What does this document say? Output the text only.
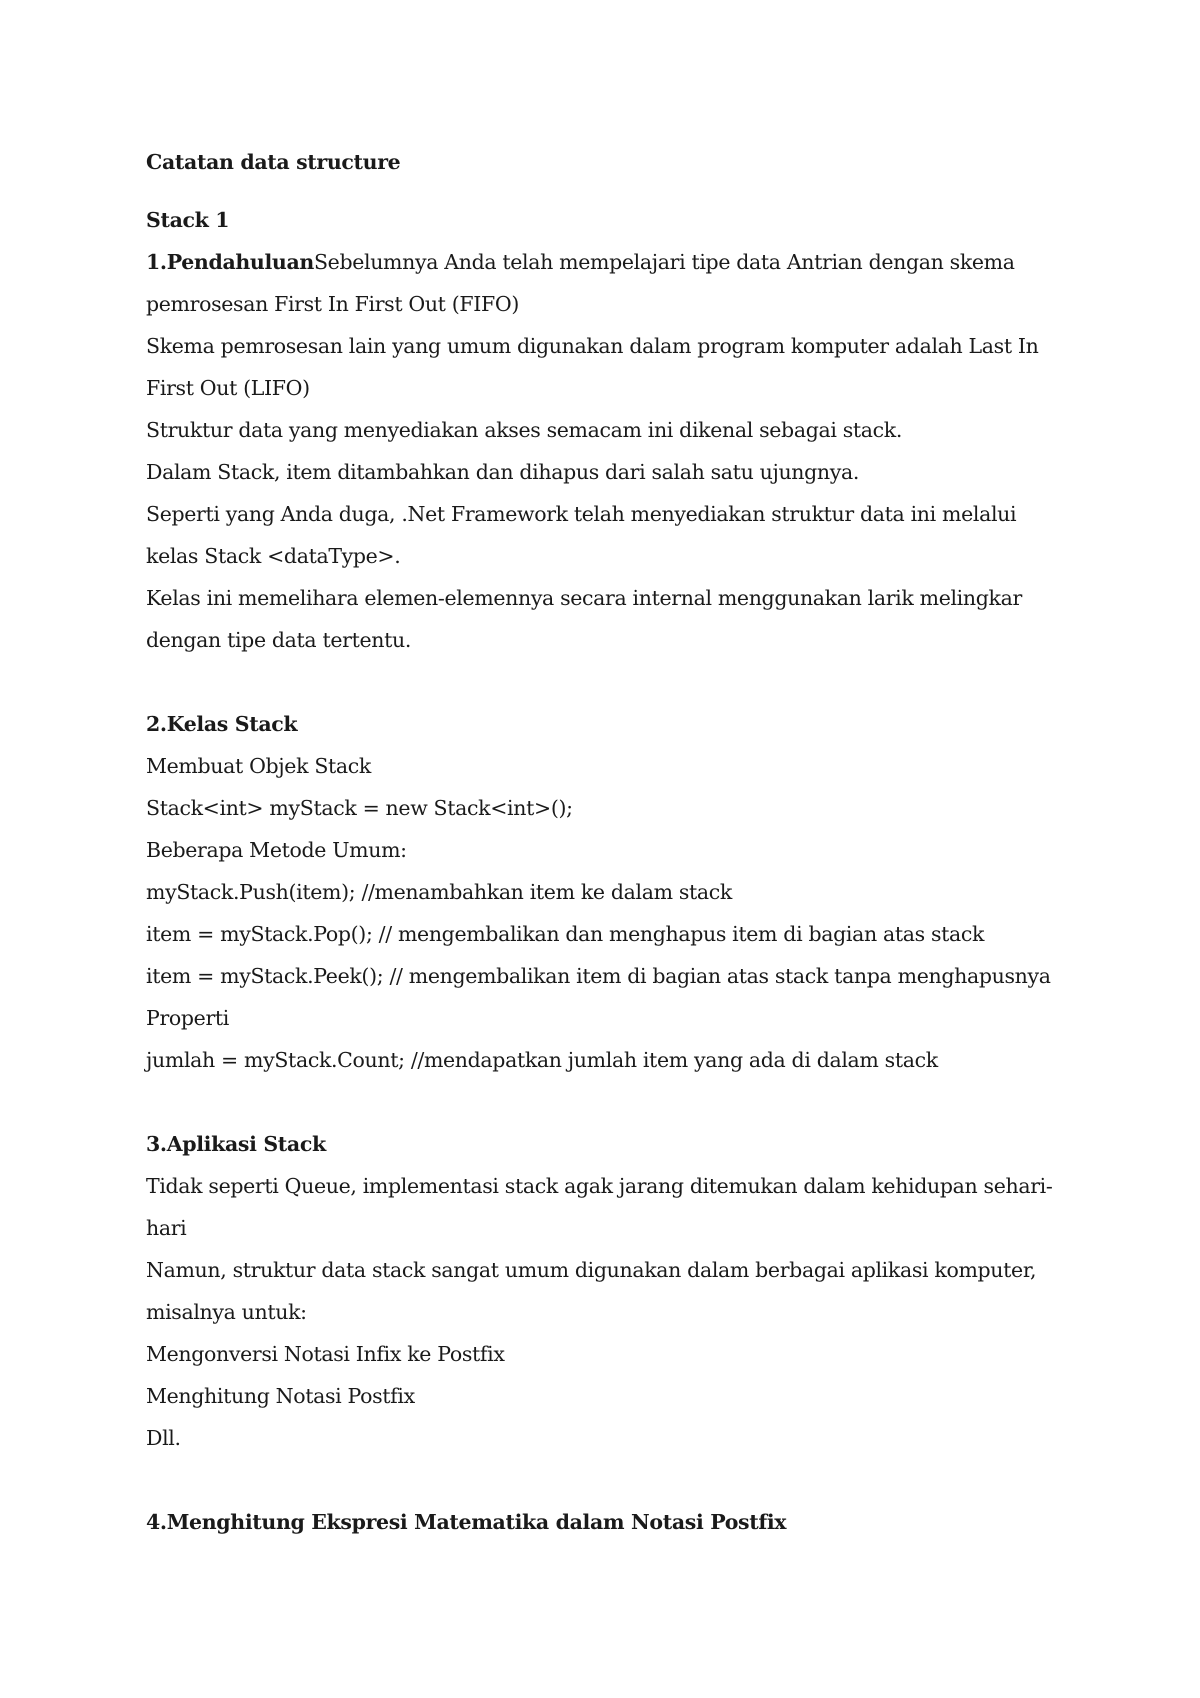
Catatan data structure

Stack 1

1.PendahuluanSebelumnya Anda telah mempelajari tipe data Antrian dengan skema pemrosesan First In First Out (FIFO)

Skema pemrosesan lain yang umum digunakan dalam program komputer adalah Last In First Out (LIFO)

Struktur data yang menyediakan akses semacam ini dikenal sebagai stack.

Dalam Stack, item ditambahkan dan dihapus dari salah satu ujungnya.

Seperti yang Anda duga, .Net Framework telah menyediakan struktur data ini melalui kelas Stack <dataType>.

Kelas ini memelihara elemen-elemennya secara internal menggunakan larik melingkar dengan tipe data tertentu.

2.Kelas Stack

Membuat Objek Stack

Stack<int> myStack = new Stack<int>();

Beberapa Metode Umum:

myStack.Push(item); //menambahkan item ke dalam stack

item = myStack.Pop(); // mengembalikan dan menghapus item di bagian atas stack

item = myStack.Peek(); // mengembalikan item di bagian atas stack tanpa menghapusnya

Properti

jumlah = myStack.Count; //mendapatkan jumlah item yang ada di dalam stack

3.Aplikasi Stack

Tidak seperti Queue, implementasi stack agak jarang ditemukan dalam kehidupan sehari-hari

Namun, struktur data stack sangat umum digunakan dalam berbagai aplikasi komputer, misalnya untuk:

Mengonversi Notasi Infix ke Postfix

Menghitung Notasi Postfix

Dll.

4.Menghitung Ekspresi Matematika dalam Notasi Postfix
